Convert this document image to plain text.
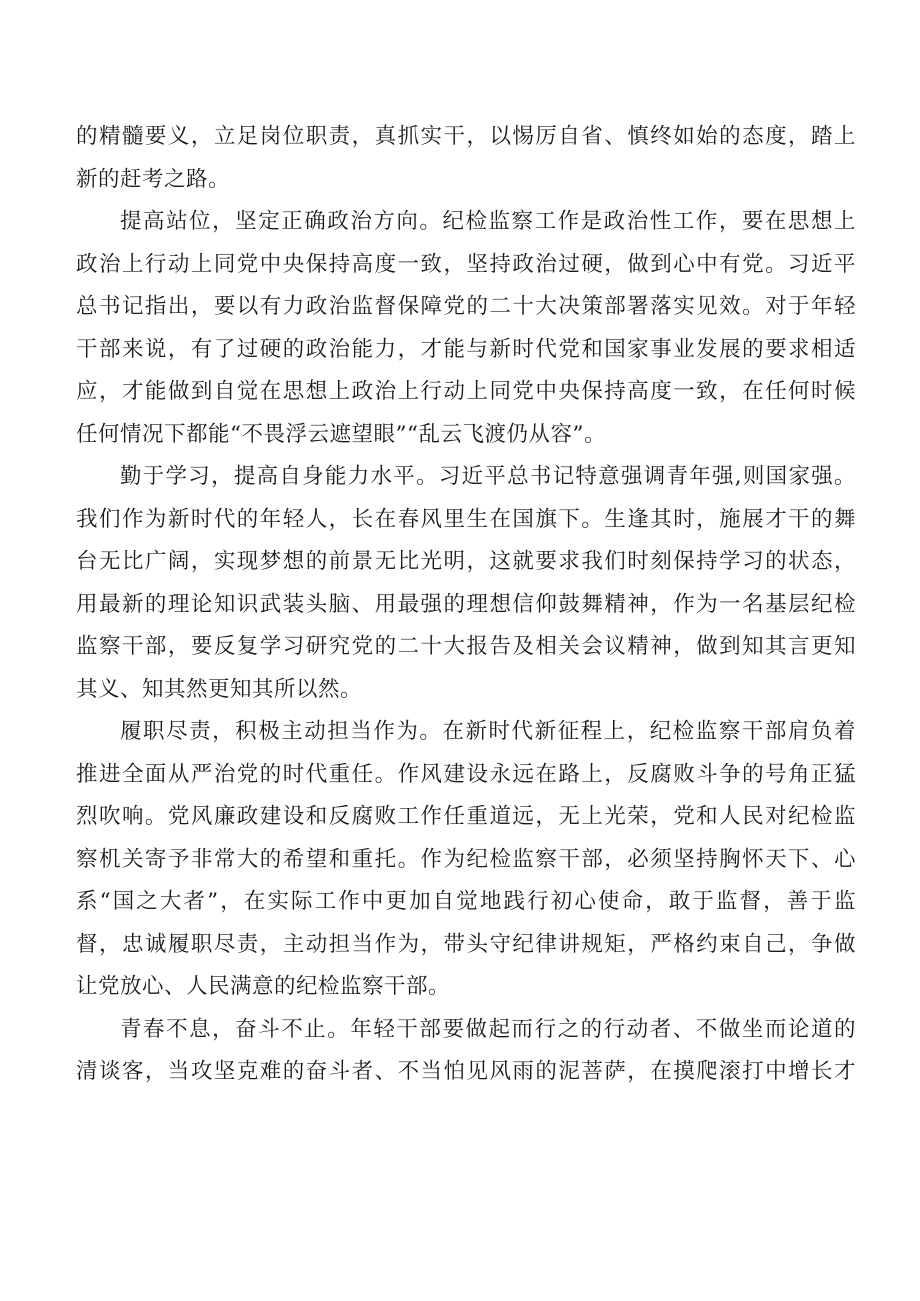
的精髓要义，立足岗位职责，真抓实干，以惕厉自省、慎终如始的态度，踏上
新的赶考之路。
提高站位，坚定正确政治方向。纪检监察工作是政治性工作，要在思想上
政治上行动上同党中央保持高度一致，坚持政治过硬，做到心中有党。习近平
总书记指出，要以有力政治监督保障党的二十大决策部署落实见效。对于年轻
干部来说，有了过硬的政治能力，才能与新时代党和国家事业发展的要求相适
应，才能做到自觉在思想上政治上行动上同党中央保持高度一致，在任何时候
任何情况下都能“不畏浮云遮望眼”“乱云飞渡仍从容”。
勤于学习，提高自身能力水平。习近平总书记特意强调青年强,则国家强。
我们作为新时代的年轻人，长在春风里生在国旗下。生逢其时，施展才干的舞
台无比广阔，实现梦想的前景无比光明，这就要求我们时刻保持学习的状态，
用最新的理论知识武装头脑、用最强的理想信仰鼓舞精神，作为一名基层纪检
监察干部，要反复学习研究党的二十大报告及相关会议精神，做到知其言更知
其义、知其然更知其所以然。
履职尽责，积极主动担当作为。在新时代新征程上，纪检监察干部肩负着
推进全面从严治党的时代重任。作风建设永远在路上，反腐败斗争的号角正猛
烈吹响。党风廉政建设和反腐败工作任重道远，无上光荣，党和人民对纪检监
察机关寄予非常大的希望和重托。作为纪检监察干部，必须坚持胸怀天下、心
系“国之大者”，在实际工作中更加自觉地践行初心使命，敢于监督，善于监
督，忠诚履职尽责，主动担当作为，带头守纪律讲规矩，严格约束自己，争做
让党放心、人民满意的纪检监察干部。
青春不息，奋斗不止。年轻干部要做起而行之的行动者、不做坐而论道的
清谈客，当攻坚克难的奋斗者、不当怕见风雨的泥菩萨，在摸爬滚打中增长才
